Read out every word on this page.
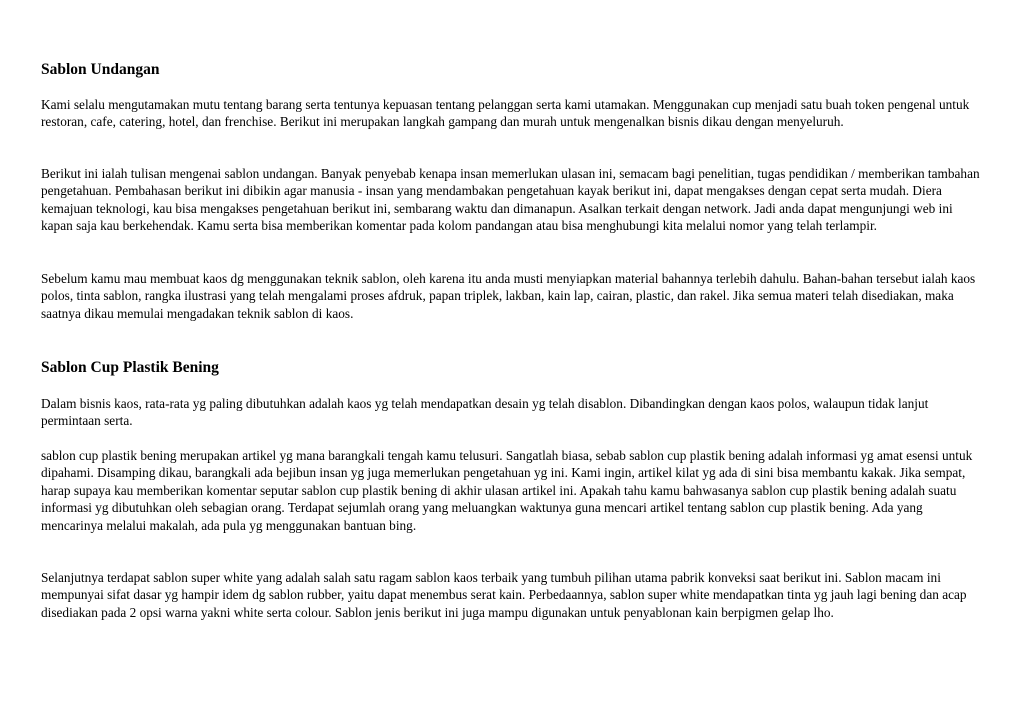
Sablon Undangan

Kami selalu mengutamakan mutu tentang barang serta tentunya kepuasan tentang pelanggan serta kami utamakan. Menggunakan cup menjadi satu buah token pengenal untuk restoran, cafe, catering, hotel, dan frenchise. Berikut ini merupakan langkah gampang dan murah untuk mengenalkan bisnis dikau dengan menyeluruh.

Berikut ini ialah tulisan mengenai sablon undangan. Banyak penyebab kenapa insan memerlukan ulasan ini, semacam bagi penelitian, tugas pendidikan / memberikan tambahan pengetahuan. Pembahasan berikut ini dibikin agar manusia - insan yang mendambakan pengetahuan kayak berikut ini, dapat mengakses dengan cepat serta mudah. Diera kemajuan teknologi, kau bisa mengakses pengetahuan berikut ini, sembarang waktu dan dimanapun. Asalkan terkait dengan network. Jadi anda dapat mengunjungi web ini kapan saja kau berkehendak. Kamu serta bisa memberikan komentar pada kolom pandangan atau bisa menghubungi kita melalui nomor yang telah terlampir.

Sebelum kamu mau membuat kaos dg menggunakan teknik sablon, oleh karena itu anda musti menyiapkan material bahannya terlebih dahulu. Bahan-bahan tersebut ialah kaos polos, tinta sablon, rangka ilustrasi yang telah mengalami proses afdruk, papan triplek, lakban, kain lap, cairan, plastic, dan rakel. Jika semua materi telah disediakan, maka saatnya dikau memulai mengadakan teknik sablon di kaos.

Sablon Cup Plastik Bening

Dalam bisnis kaos, rata-rata yg paling dibutuhkan adalah kaos yg telah mendapatkan desain yg telah disablon. Dibandingkan dengan kaos polos, walaupun tidak lanjut permintaan serta.

sablon cup plastik bening merupakan artikel yg mana barangkali tengah kamu telusuri. Sangatlah biasa, sebab sablon cup plastik bening adalah informasi yg amat esensi untuk dipahami. Disamping dikau, barangkali ada bejibun insan yg juga memerlukan pengetahuan yg ini. Kami ingin, artikel kilat yg ada di sini bisa membantu kakak. Jika sempat, harap supaya kau memberikan komentar seputar sablon cup plastik bening di akhir ulasan artikel ini. Apakah tahu kamu bahwasanya sablon cup plastik bening adalah suatu informasi yg dibutuhkan oleh sebagian orang. Terdapat sejumlah orang yang meluangkan waktunya guna mencari artikel tentang sablon cup plastik bening. Ada yang mencarinya melalui makalah, ada pula yg menggunakan bantuan bing.

Selanjutnya terdapat sablon super white yang adalah salah satu ragam sablon kaos terbaik yang tumbuh pilihan utama pabrik konveksi saat berikut ini. Sablon macam ini mempunyai sifat dasar yg hampir idem dg sablon rubber, yaitu dapat menembus serat kain. Perbedaannya, sablon super white mendapatkan tinta yg jauh lagi bening dan acap disediakan pada 2 opsi warna yakni white serta colour. Sablon jenis berikut ini juga mampu digunakan untuk penyablonan kain berpigmen gelap lho.
